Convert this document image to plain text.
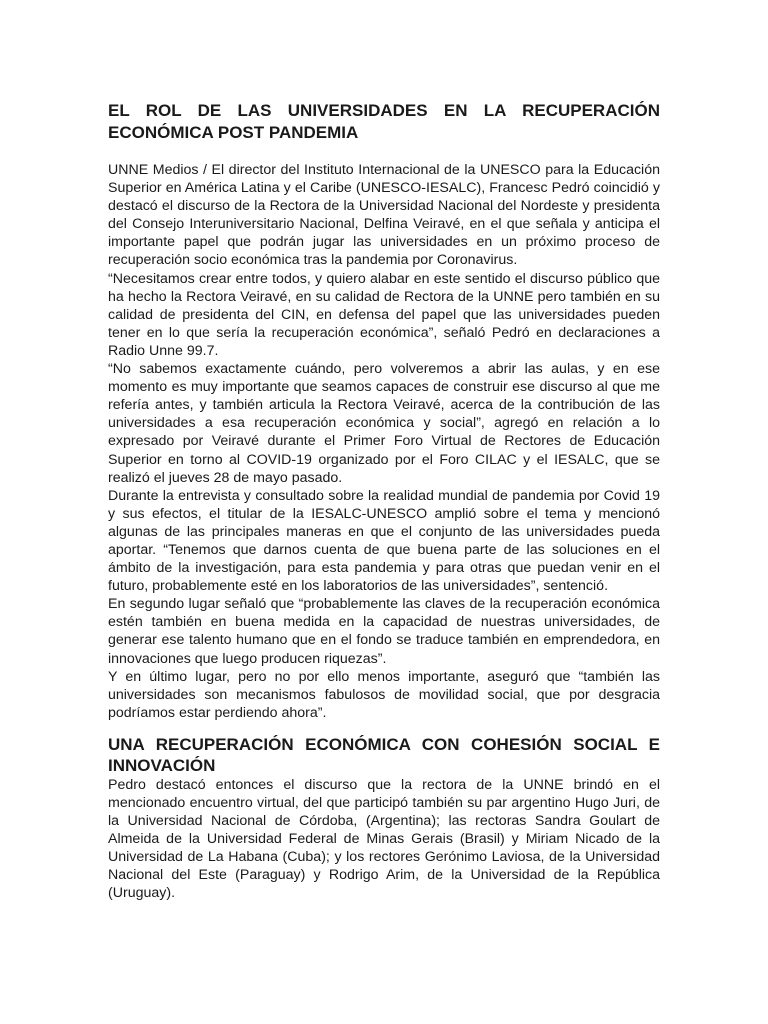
EL ROL DE LAS UNIVERSIDADES EN LA RECUPERACIÓN ECONÓMICA POST PANDEMIA

UNNE Medios / El director del Instituto Internacional de la UNESCO para la Educación Superior en América Latina y el Caribe (UNESCO-IESALC), Francesc Pedró coincidió y destacó el discurso de la Rectora de la Universidad Nacional del Nordeste y presidenta del Consejo Interuniversitario Nacional, Delfina Veiravé, en el que señala y anticipa el importante papel que podrán jugar las universidades en un próximo proceso de recuperación socio económica tras la pandemia por Coronavirus.

“Necesitamos crear entre todos, y quiero alabar en este sentido el discurso público que ha hecho la Rectora Veiravé, en su calidad de Rectora de la UNNE pero también en su calidad de presidenta del CIN, en defensa del papel que las universidades pueden tener en lo que sería la recuperación económica”, señaló Pedró en declaraciones a Radio Unne 99.7.

“No sabemos exactamente cuándo, pero volveremos a abrir las aulas, y en ese momento es muy importante que seamos capaces de construir ese discurso al que me refería antes, y también articula la Rectora Veiravé, acerca de la contribución de las universidades a esa recuperación económica y social”, agregó en relación a lo expresado por Veiravé durante el Primer Foro Virtual de Rectores de Educación Superior en torno al COVID-19 organizado por el Foro CILAC y el IESALC, que se realizó el jueves 28 de mayo pasado.

Durante la entrevista y consultado sobre la realidad mundial de pandemia por Covid 19 y sus efectos, el titular de la IESALC-UNESCO amplió sobre el tema y mencionó algunas de las principales maneras en que el conjunto de las universidades pueda aportar. “Tenemos que darnos cuenta de que buena parte de las soluciones en el ámbito de la investigación, para esta pandemia y para otras que puedan venir en el futuro, probablemente esté en los laboratorios de las universidades”, sentenció.

En segundo lugar señaló que “probablemente las claves de la recuperación económica estén también en buena medida en la capacidad de nuestras universidades, de generar ese talento humano que en el fondo se traduce también en emprendedora, en innovaciones que luego producen riquezas”.

Y en último lugar, pero no por ello menos importante, aseguró que “también las universidades son mecanismos fabulosos de movilidad social, que por desgracia podríamos estar perdiendo ahora”.

UNA RECUPERACIÓN ECONÓMICA CON COHESIÓN SOCIAL E INNOVACIÓN

Pedro destacó entonces el discurso que la rectora de la UNNE brindó en el mencionado encuentro virtual, del que participó también su par argentino Hugo Juri, de la Universidad Nacional de Córdoba, (Argentina); las rectoras Sandra Goulart de Almeida de la Universidad Federal de Minas Gerais (Brasil) y Miriam Nicado de la Universidad de La Habana (Cuba); y los rectores Gerónimo Laviosa, de la Universidad Nacional del Este (Paraguay) y Rodrigo Arim, de la Universidad de la República (Uruguay).
